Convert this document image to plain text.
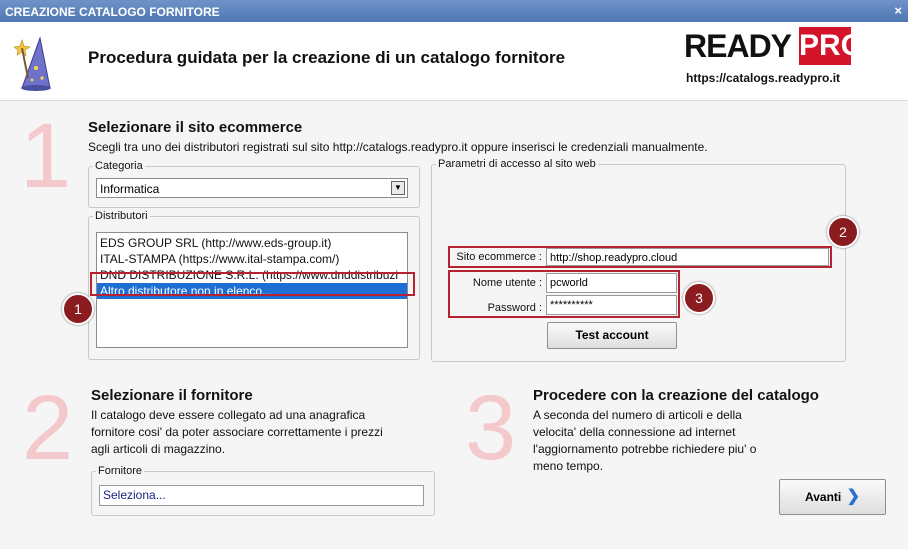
CREAZIONE CATALOGO FORNITORE	×
Procedura guidata per la creazione di un catalogo fornitore	READY PRO
https://catalogs.readypro.it
1 Selezionare il sito ecommerce
Scegli tra uno dei distributori registrati sul sito http://catalogs.readypro.it oppure inserisci le credenziali manualmente.
Categoria
Informatica	▼
Distributori
EDS GROUP SRL (http://www.eds-group.it)
ITAL-STAMPA (https://www.ital-stampa.com/)
DND DISTRIBUZIONE S.R.L. (https://www.dnddistribuzi
Altro distributore non in elenco...
1
Parametri di accesso al sito web
Sito ecommerce : http://shop.readypro.cloud
2
Nome utente : pcworld
Password : **********	3
Test account
2 Selezionare il fornitore
Il catalogo deve essere collegato ad una anagrafica
fornitore cosi' da poter associare correttamente i prezzi
agli articoli di magazzino.
Fornitore
Seleziona...
3 Procedere con la creazione del catalogo
A seconda del numero di articoli e della
velocita' della connessione ad internet
l'aggiornamento potrebbe richiedere piu' o
meno tempo.
Avanti ❯
